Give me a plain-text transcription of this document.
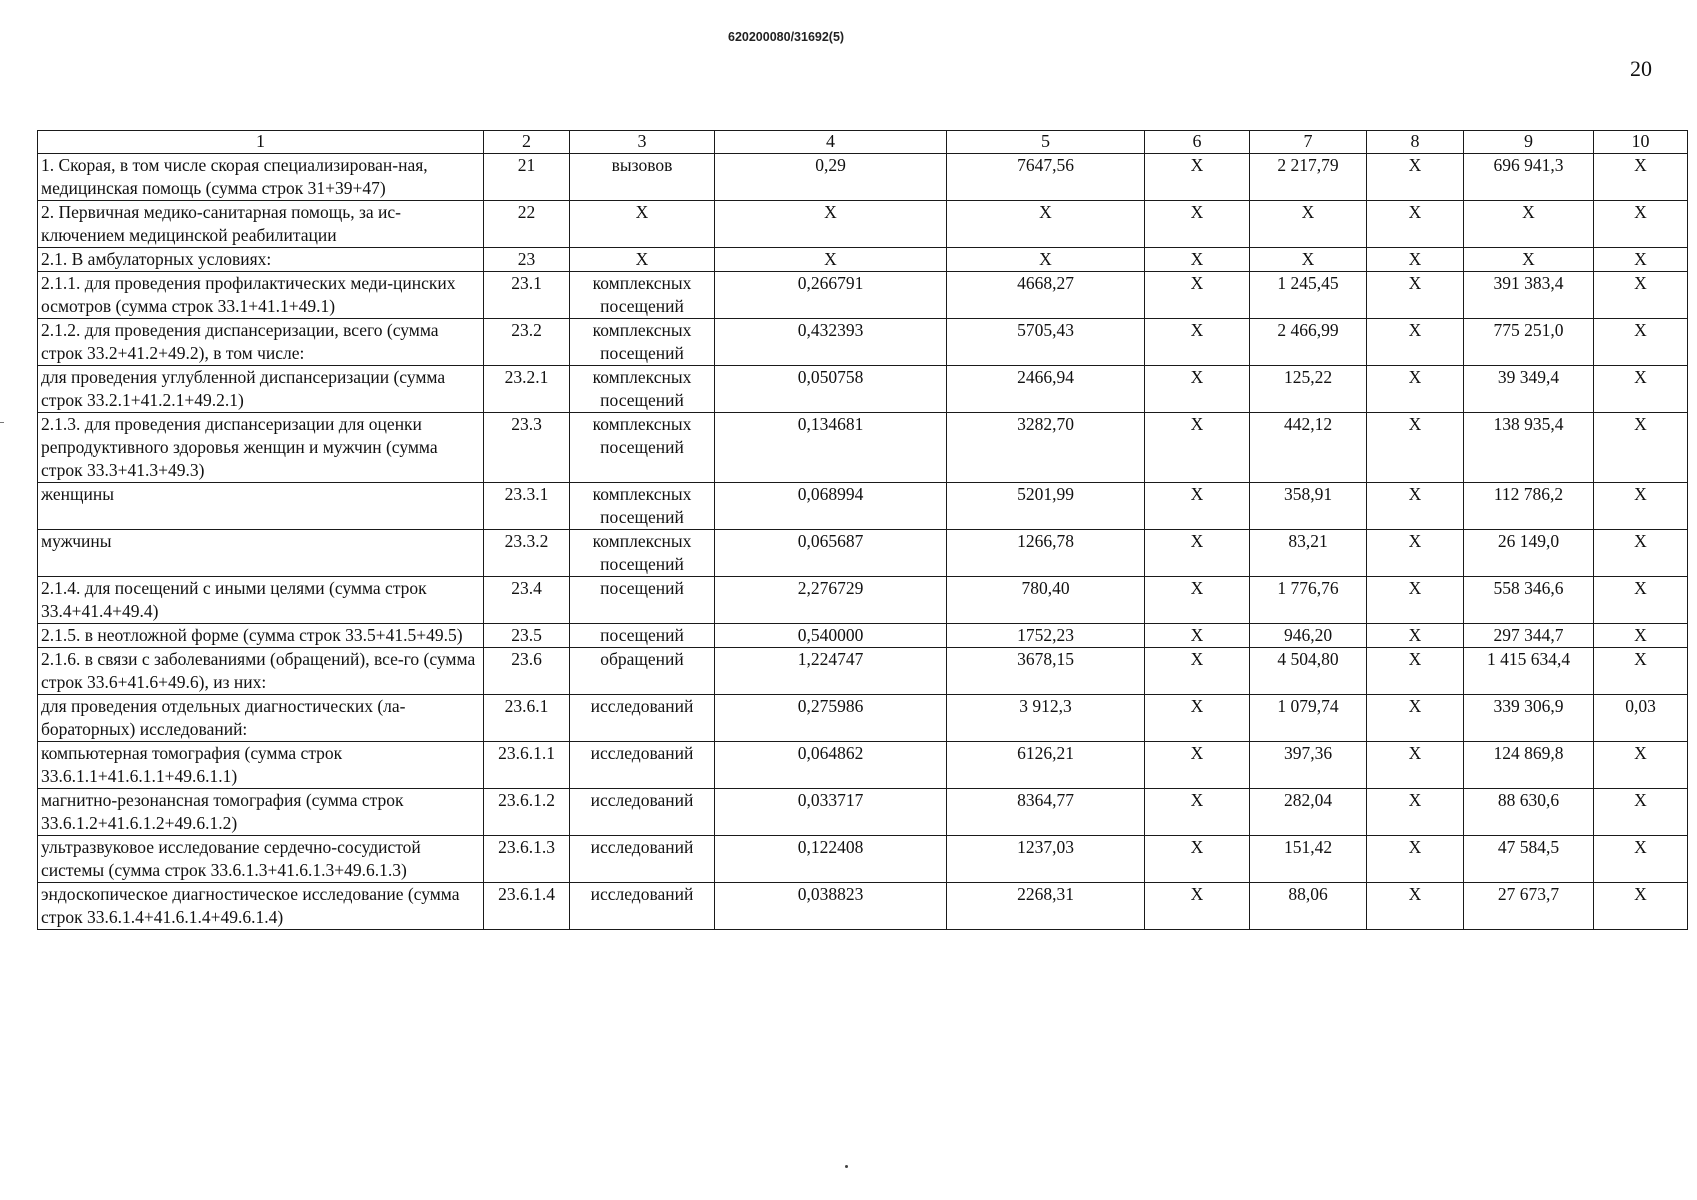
620200080/31692(5)
20
1	2	3	4	5	6	7	8	9	10
1. Скорая, в том числе скорая специализирован-ная, медицинская помощь (сумма строк 31+39+47)	21	вызовов	0,29	7647,56	Х	2 217,79	Х	696 941,3	Х
2. Первичная медико-санитарная помощь, за ис-ключением медицинской реабилитации	22	Х	Х	Х	Х	Х	Х	Х	Х
2.1. В амбулаторных условиях:	23	Х	Х	Х	Х	Х	Х	Х	Х
2.1.1. для проведения профилактических меди-цинских осмотров (сумма строк 33.1+41.1+49.1)	23.1	комплексных посещений	0,266791	4668,27	Х	1 245,45	Х	391 383,4	Х
2.1.2. для проведения диспансеризации, всего (сумма строк 33.2+41.2+49.2), в том числе:	23.2	комплексных посещений	0,432393	5705,43	Х	2 466,99	Х	775 251,0	Х
для проведения углубленной диспансеризации (сумма строк 33.2.1+41.2.1+49.2.1)	23.2.1	комплексных посещений	0,050758	2466,94	Х	125,22	Х	39 349,4	Х
2.1.3. для проведения диспансеризации для оценки репродуктивного здоровья женщин и мужчин (сумма строк 33.3+41.3+49.3)	23.3	комплексных посещений	0,134681	3282,70	Х	442,12	Х	138 935,4	Х
женщины	23.3.1	комплексных посещений	0,068994	5201,99	Х	358,91	Х	112 786,2	Х
мужчины	23.3.2	комплексных посещений	0,065687	1266,78	Х	83,21	Х	26 149,0	Х
2.1.4. для посещений с иными целями (сумма строк 33.4+41.4+49.4)	23.4	посещений	2,276729	780,40	Х	1 776,76	Х	558 346,6	Х
2.1.5. в неотложной форме (сумма строк 33.5+41.5+49.5)	23.5	посещений	0,540000	1752,23	Х	946,20	Х	297 344,7	Х
2.1.6. в связи с заболеваниями (обращений), все-го (сумма строк 33.6+41.6+49.6), из них:	23.6	обращений	1,224747	3678,15	Х	4 504,80	Х	1 415 634,4	Х
для проведения отдельных диагностических (ла-бораторных) исследований:	23.6.1	исследований	0,275986	3 912,3	Х	1 079,74	Х	339 306,9	0,03
компьютерная томография (сумма строк 33.6.1.1+41.6.1.1+49.6.1.1)	23.6.1.1	исследований	0,064862	6126,21	Х	397,36	Х	124 869,8	Х
магнитно-резонансная томография (сумма строк 33.6.1.2+41.6.1.2+49.6.1.2)	23.6.1.2	исследований	0,033717	8364,77	Х	282,04	Х	88 630,6	Х
ультразвуковое исследование сердечно-сосудистой системы (сумма строк 33.6.1.3+41.6.1.3+49.6.1.3)	23.6.1.3	исследований	0,122408	1237,03	Х	151,42	Х	47 584,5	Х
эндоскопическое диагностическое исследование (сумма строк 33.6.1.4+41.6.1.4+49.6.1.4)	23.6.1.4	исследований	0,038823	2268,31	Х	88,06	Х	27 673,7	Х
